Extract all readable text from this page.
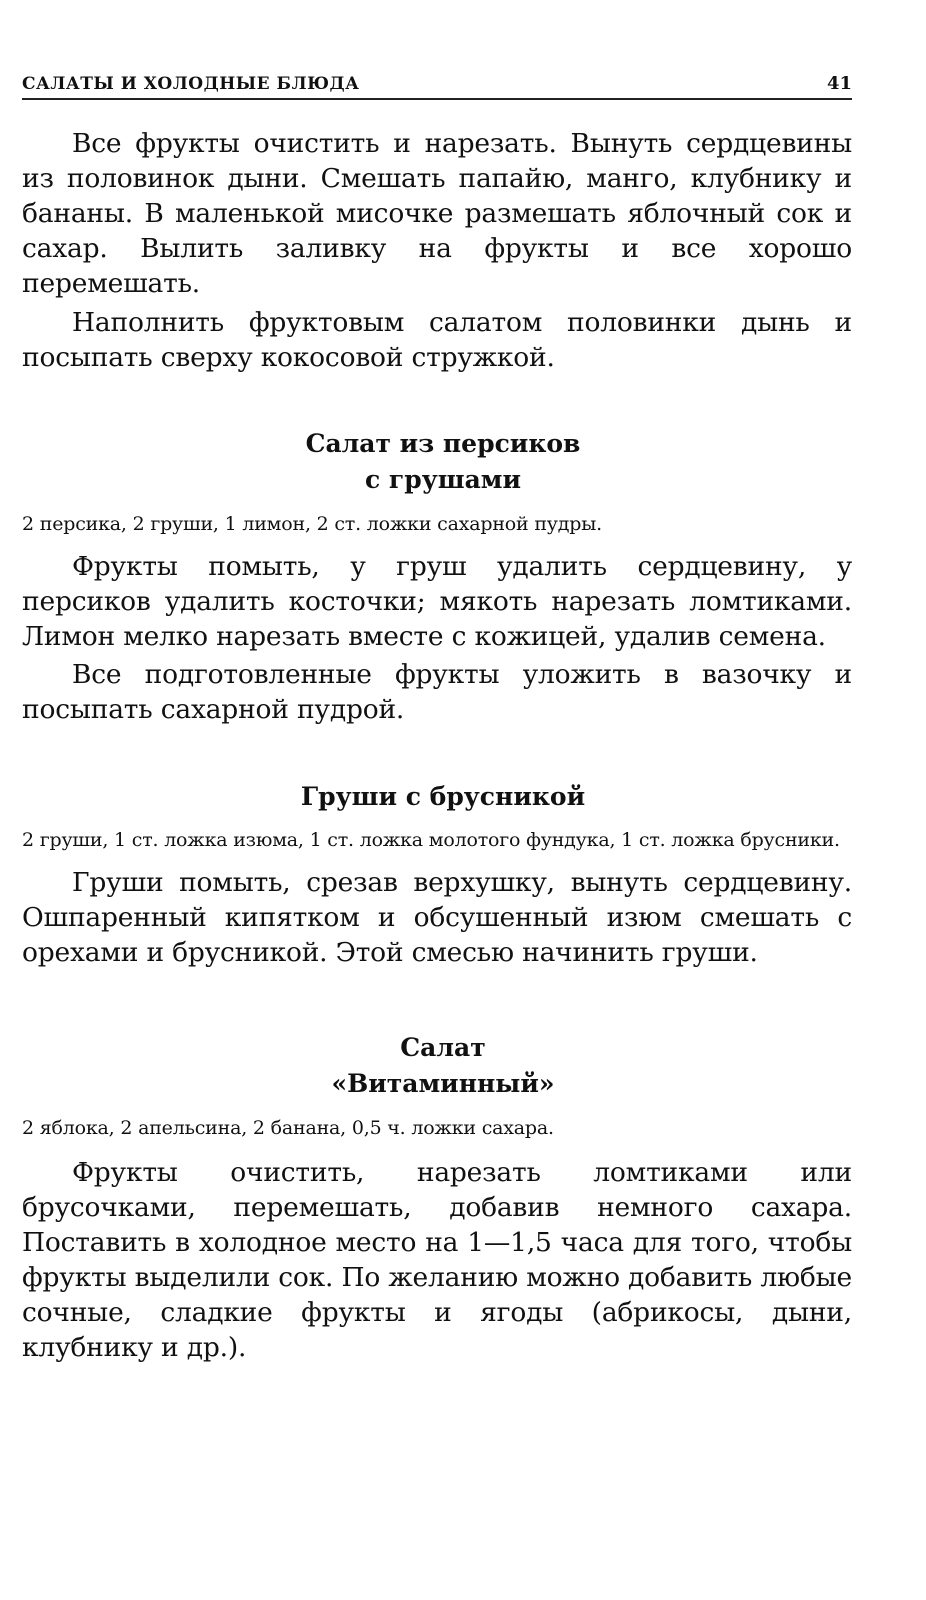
САЛАТЫ И ХОЛОДНЫЕ БЛЮДА	41

Все фрукты очистить и нарезать. Вынуть сердцевины из половинок дыни. Смешать папайю, манго, клубнику и бананы. В маленькой мисочке размешать яблочный сок и сахар. Вылить заливку на фрукты и все хорошо перемешать.

Наполнить фруктовым салатом половинки дынь и посыпать сверху кокосовой стружкой.

Салат из персиков
с грушами

2 персика, 2 груши, 1 лимон, 2 ст. ложки сахарной пудры.

Фрукты помыть, у груш удалить сердцевину, у персиков удалить косточки; мякоть нарезать ломтиками. Лимон мелко нарезать вместе с кожицей, удалив семена.

Все подготовленные фрукты уложить в вазочку и посыпать сахарной пудрой.

Груши с брусникой

2 груши, 1 ст. ложка изюма, 1 ст. ложка молотого фундука, 1 ст. ложка брусники.

Груши помыть, срезав верхушку, вынуть сердцевину. Ошпаренный кипятком и обсушенный изюм смешать с орехами и брусникой. Этой смесью начинить груши.

Салат
«Витаминный»

2 яблока, 2 апельсина, 2 банана, 0,5 ч. ложки сахара.

Фрукты очистить, нарезать ломтиками или брусочками, перемешать, добавив немного сахара. Поставить в холодное место на 1—1,5 часа для того, чтобы фрукты выделили сок. По желанию можно добавить любые сочные, сладкие фрукты и ягоды (абрикосы, дыни, клубнику и др.).
